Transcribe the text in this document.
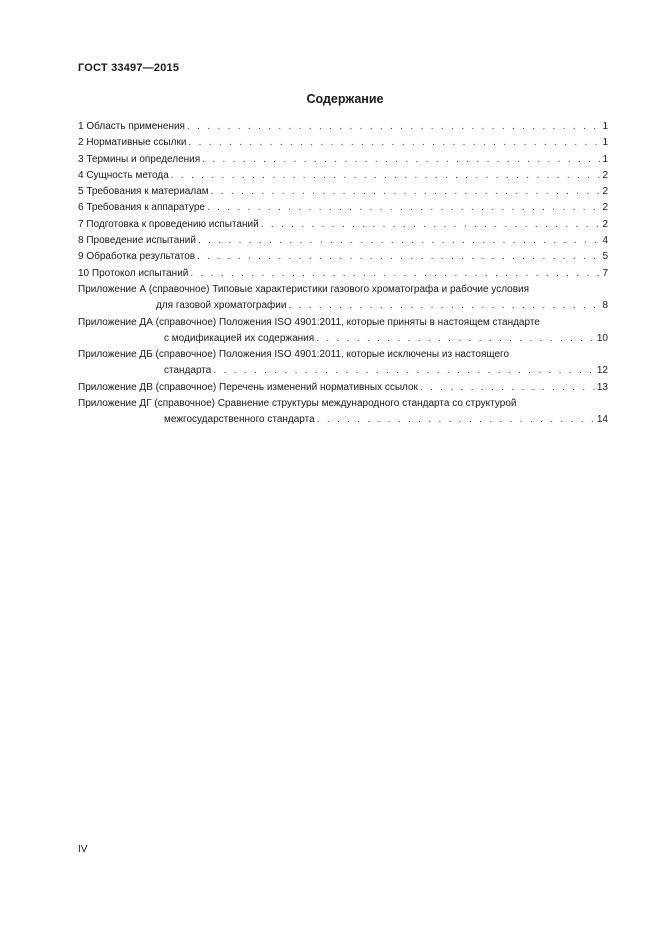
ГОСТ 33497—2015
Содержание
1 Область применения . . .	1
2 Нормативные ссылки . . .	1
3 Термины и определения . . .	1
4 Сущность метода . . .	2
5 Требования к материалам . . .	2
6 Требования к аппаратуре . . .	2
7 Подготовка к проведению испытаний . . .	2
8 Проведение испытаний . . .	4
9 Обработка результатов . . .	5
10 Протокол испытаний . . .	7
Приложение А (справочное) Типовые характеристики газового хроматографа и рабочие условия
для газовой хроматографии . . .	8
Приложение ДА (справочное) Положения ISO 4901:2011, которые приняты в настоящем стандарте
с модификацией их содержания . . .	10
Приложение ДБ (справочное) Положения ISO 4901:2011, которые исключены из настоящего
стандарта . . .	12
Приложение ДВ (справочное) Перечень изменений нормативных ссылок . . .	13
Приложение ДГ (справочное) Сравнение структуры международного стандарта со структурой
межгосударственного стандарта . . .	14
IV
